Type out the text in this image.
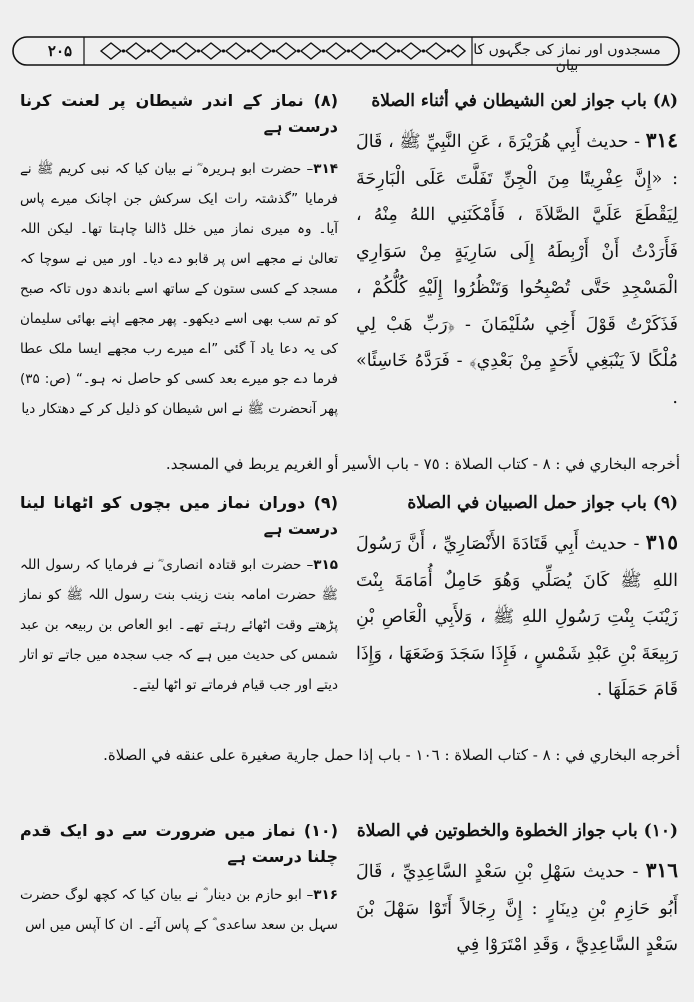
۲۰۵	مسجدوں اور نماز کی جگہوں کا بیان

(٨) باب جواز لعن الشيطان في أثناء الصلاة

٣١٤ - حديث أَبِي هُرَيْرَةَ ، عَنِ النَّبِيِّ ﷺ ، قَالَ : «إِنَّ عِفْرِيتًا مِنَ الْجِنِّ تَفَلَّتَ عَلَى الْبَارِحَةَ لِيَقْطَعَ عَلَيَّ الصَّلاَةَ ، فَأَمْكَنَنِي اللهُ مِنْهُ ، فَأَرَدْتُ أَنْ أَرْبِطَهُ إِلَى سَارِيَةٍ مِنْ سَوَارِي الْمَسْجِدِ حَتَّى تُصْبِحُوا وَتَنْظُرُوا إِلَيْهِ كُلُّكُمْ ، فَذَكَرْتُ قَوْلَ أَخِي سُلَيْمَانَ - ﴿رَبِّ هَبْ لِي مُلْكًا لاَ يَنْبَغِي لأَحَدٍ مِنْ بَعْدِي﴾ - فَرَدَّهُ خَاسِئًا» .

(٨) نماز کے اندر شیطان پر لعنت کرنا درست ہے

۳۱۴– حضرت ابو ہریرہ ؓ نے بیان کیا کہ نبی کریم ﷺ نے فرمایا ”گذشتہ رات ایک سرکش جن اچانک میرے پاس آیا۔ وہ میری نماز میں خلل ڈالنا چاہتا تھا۔ لیکن اللہ تعالیٰ نے مجھے اس پر قابو دے دیا۔ اور میں نے سوچا کہ مسجد کے کسی ستون کے ساتھ اسے باندھ دوں تاکہ صبح کو تم سب بھی اسے دیکھو۔ پھر مجھے اپنے بھائی سلیمان کی یہ دعا یاد آ گئی ”اے میرے رب مجھے ایسا ملک عطا فرما دے جو میرے بعد کسی کو حاصل نہ ہو۔“ (ص: ۳۵) پھر آنحضرت ﷺ نے اس شیطان کو ذلیل کر کے دھتکار دیا

أخرجه البخاري في : ٨ - كتاب الصلاة : ٧٥ - باب الأسير أو الغريم يربط في المسجد.

(٩) باب جواز حمل الصبيان في الصلاة

٣١٥ - حديث أَبِي قَتَادَةَ الأَنْصَارِيِّ ، أَنَّ رَسُولَ اللهِ ﷺ كَانَ يُصَلِّي وَهُوَ حَامِلٌ أُمَامَةَ بِنْتَ زَيْنَبَ بِنْتِ رَسُولِ اللهِ ﷺ ، وَلأَبِي الْعَاصِ بْنِ رَبِيعَةَ بْنِ عَبْدِ شَمْسٍ ، فَإِذَا سَجَدَ وَضَعَهَا ، وَإِذَا قَامَ حَمَلَهَا .

(٩) دوران نماز میں بچوں کو اٹھانا لینا درست ہے

۳۱۵– حضرت ابو قتادہ انصاری ؓ نے فرمایا کہ رسول اللہ ﷺ حضرت امامہ بنت زینب بنت رسول اللہ ﷺ کو نماز پڑھتے وقت اٹھائے رہتے تھے۔ ابو العاص بن ربیعہ بن عبد شمس کی حدیث میں ہے کہ جب سجدہ میں جاتے تو اتار دیتے اور جب قیام فرماتے تو اٹھا لیتے۔

أخرجه البخاري في : ٨ - كتاب الصلاة : ١٠٦ - باب إذا حمل جارية صغيرة على عنقه في الصلاة.

(١٠) باب جواز الخطوة والخطوتين في الصلاة

٣١٦ - حديث سَهْلِ بْنِ سَعْدٍ السَّاعِدِيِّ ، قَالَ أَبُو حَازِمِ بْنِ دِينَارٍ : إِنَّ رِجَالاً أَتَوْا سَهْلَ بْنَ سَعْدٍ السَّاعِدِيَّ ، وَقَدِ امْتَرَوْا فِي

(١٠) نماز میں ضرورت سے دو ایک قدم چلنا درست ہے

۳۱۶– ابو حازم بن دینار ؓ نے بیان کیا کہ کچھ لوگ حضرت سہل بن سعد ساعدی ؓ کے پاس آئے۔ ان کا آپس میں اس
